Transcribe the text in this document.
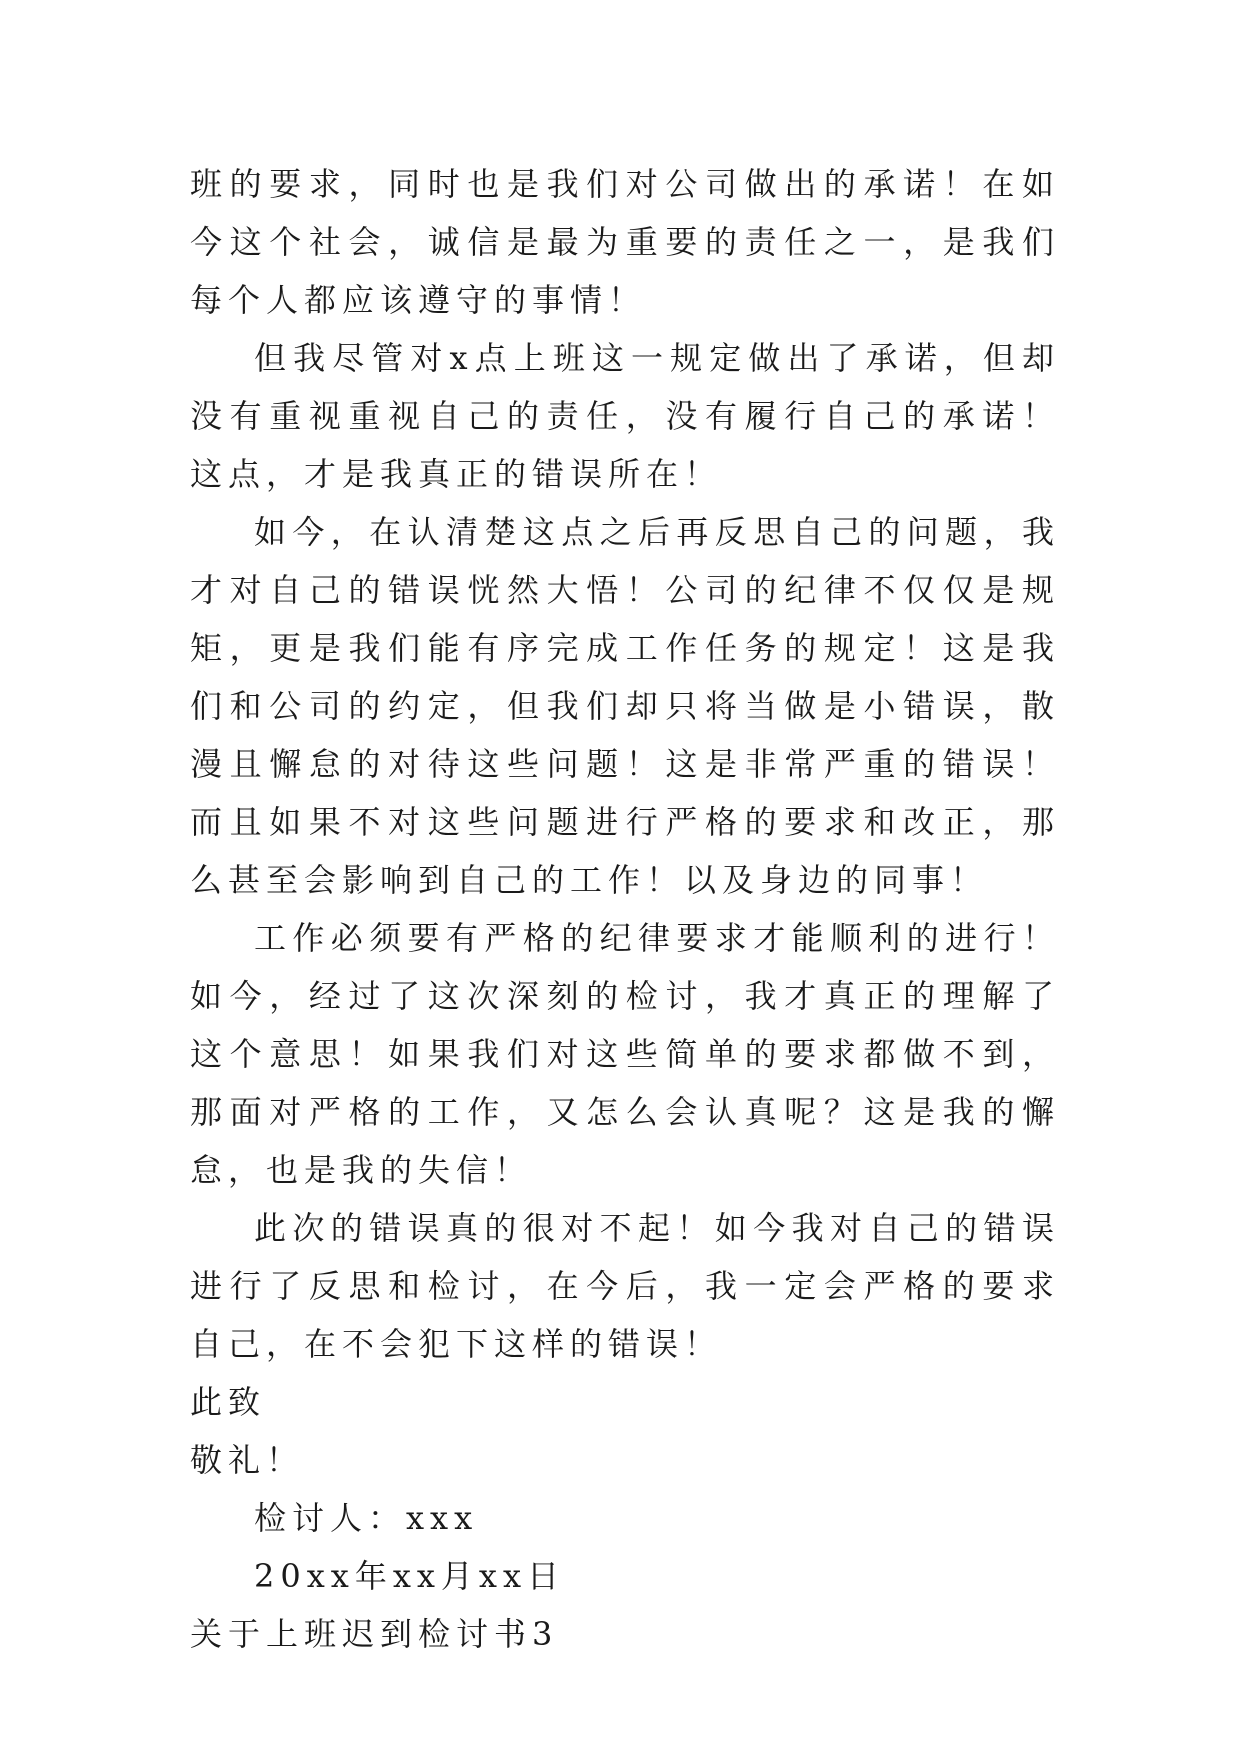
班的要求，同时也是我们对公司做出的承诺！在如今这个社会，诚信是最为重要的责任之一，是我们每个人都应该遵守的事情！

但我尽管对x点上班这一规定做出了承诺，但却没有重视重视自己的责任，没有履行自己的承诺！这点，才是我真正的错误所在！

如今，在认清楚这点之后再反思自己的问题，我才对自己的错误恍然大悟！公司的纪律不仅仅是规矩，更是我们能有序完成工作任务的规定！这是我们和公司的约定，但我们却只将当做是小错误，散漫且懈怠的对待这些问题！这是非常严重的错误！而且如果不对这些问题进行严格的要求和改正，那么甚至会影响到自己的工作！以及身边的同事！

工作必须要有严格的纪律要求才能顺利的进行！如今，经过了这次深刻的检讨，我才真正的理解了这个意思！如果我们对这些简单的要求都做不到，那面对严格的工作，又怎么会认真呢？这是我的懈怠，也是我的失信！

此次的错误真的很对不起！如今我对自己的错误进行了反思和检讨，在今后，我一定会严格的要求自己，在不会犯下这样的错误！

此致

敬礼！

检讨人：xxx

20xx年xx月xx日

关于上班迟到检讨书3
